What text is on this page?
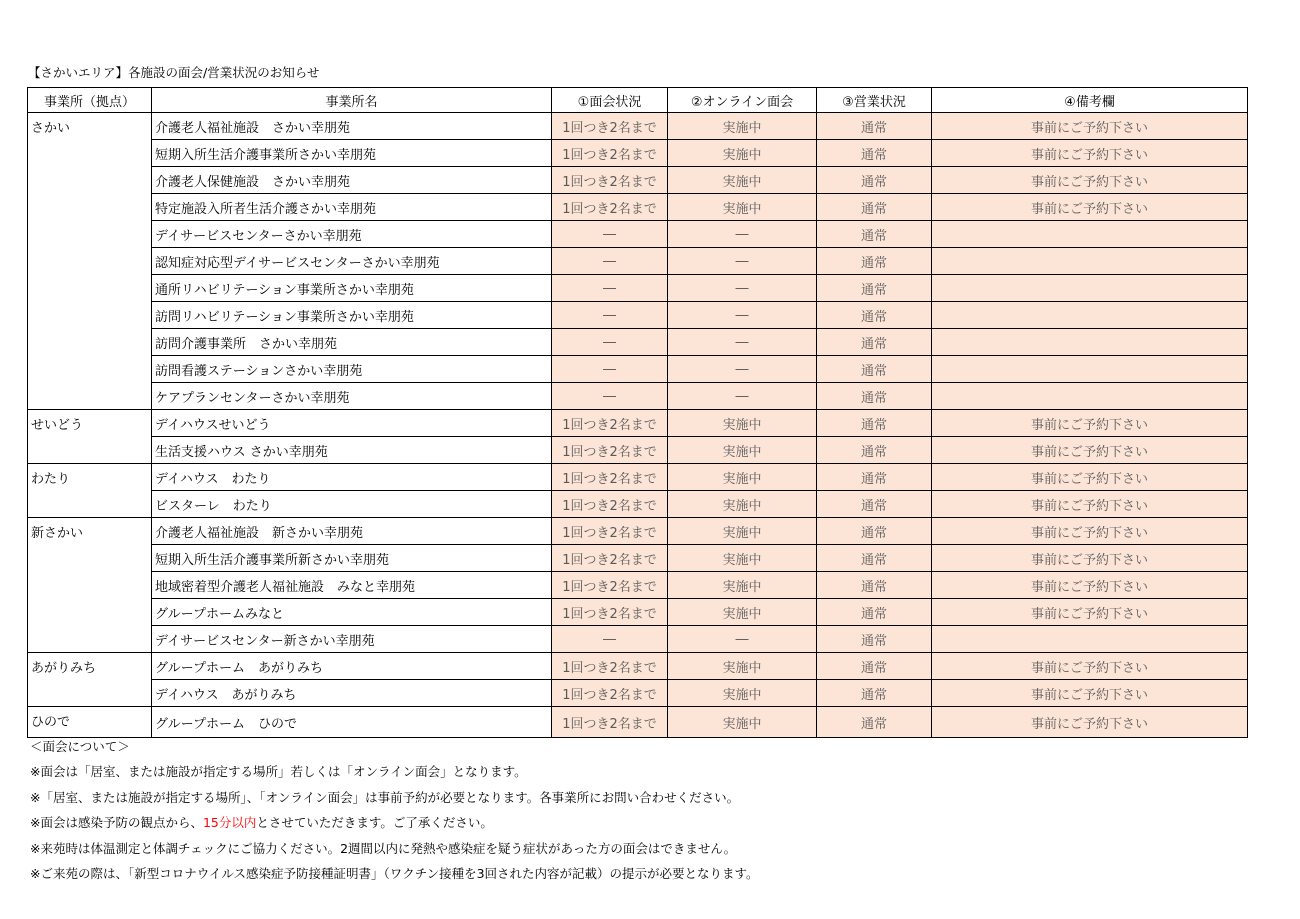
【さかいエリア】各施設の面会/営業状況のお知らせ
事業所（拠点）	事業所名	①面会状況	②オンライン面会	③営業状況	④備考欄
さかい	介護老人福祉施設　さかい幸朋苑	1回つき2名まで	実施中	通常	事前にご予約下さい
	短期入所生活介護事業所さかい幸朋苑	1回つき2名まで	実施中	通常	事前にご予約下さい
	介護老人保健施設　さかい幸朋苑	1回つき2名まで	実施中	通常	事前にご予約下さい
	特定施設入所者生活介護さかい幸朋苑	1回つき2名まで	実施中	通常	事前にご予約下さい
	デイサービスセンターさかい幸朋苑	―	―	通常	
	認知症対応型デイサービスセンターさかい幸朋苑	―	―	通常	
	通所リハビリテーション事業所さかい幸朋苑	―	―	通常	
	訪問リハビリテーション事業所さかい幸朋苑	―	―	通常	
	訪問介護事業所　さかい幸朋苑	―	―	通常	
	訪問看護ステーションさかい幸朋苑	―	―	通常	
	ケアプランセンターさかい幸朋苑	―	―	通常	
せいどう	デイハウスせいどう	1回つき2名まで	実施中	通常	事前にご予約下さい
	生活支援ハウス さかい幸朋苑	1回つき2名まで	実施中	通常	事前にご予約下さい
わたり	デイハウス　わたり	1回つき2名まで	実施中	通常	事前にご予約下さい
	ビスターレ　わたり	1回つき2名まで	実施中	通常	事前にご予約下さい
新さかい	介護老人福祉施設　新さかい幸朋苑	1回つき2名まで	実施中	通常	事前にご予約下さい
	短期入所生活介護事業所新さかい幸朋苑	1回つき2名まで	実施中	通常	事前にご予約下さい
	地域密着型介護老人福祉施設　みなと幸朋苑	1回つき2名まで	実施中	通常	事前にご予約下さい
	グループホームみなと	1回つき2名まで	実施中	通常	事前にご予約下さい
	デイサービスセンター新さかい幸朋苑	―	―	通常	
あがりみち	グループホーム　あがりみち	1回つき2名まで	実施中	通常	事前にご予約下さい
	デイハウス　あがりみち	1回つき2名まで	実施中	通常	事前にご予約下さい
ひので	グループホーム　ひので	1回つき2名まで	実施中	通常	事前にご予約下さい
＜面会について＞
※面会は「居室、または施設が指定する場所」若しくは「オンライン面会」となります。
※「居室、または施設が指定する場所」、「オンライン面会」は事前予約が必要となります。各事業所にお問い合わせください。
※面会は感染予防の観点から、15分以内とさせていただきます。ご了承ください。
※来苑時は体温測定と体調チェックにご協力ください。2週間以内に発熱や感染症を疑う症状があった方の面会はできません。
※ご来苑の際は、「新型コロナウイルス感染症予防接種証明書」（ワクチン接種を3回された内容が記載）の提示が必要となります。
